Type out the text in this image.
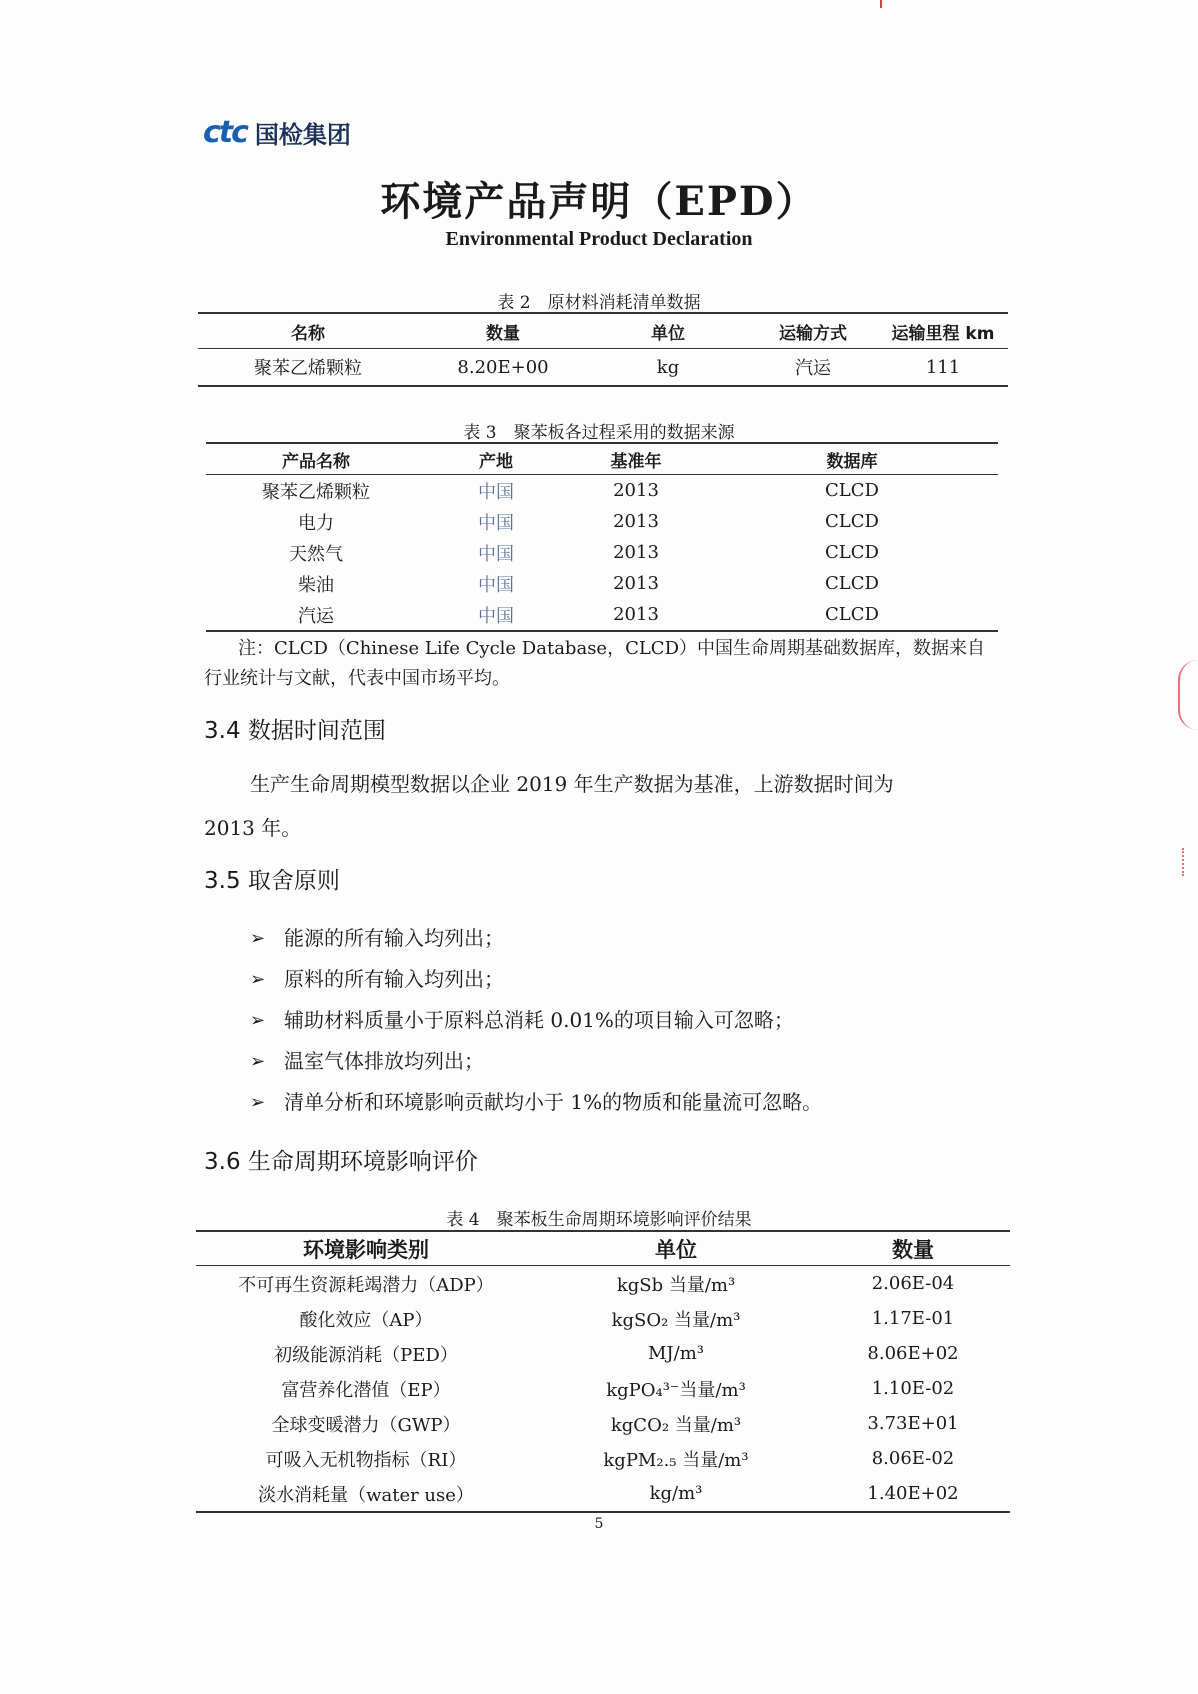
ctc 国检集团
环境产品声明（EPD）
Environmental Product Declaration
表 2　原材料消耗清单数据
名称	数量	单位	运输方式	运输里程 km
聚苯乙烯颗粒	8.20E+00	kg	汽运	111
表 3　聚苯板各过程采用的数据来源
产品名称	产地	基准年	数据库
聚苯乙烯颗粒	中国	2013	CLCD
电力	中国	2013	CLCD
天然气	中国	2013	CLCD
柴油	中国	2013	CLCD
汽运	中国	2013	CLCD
注：CLCD（Chinese Life Cycle Database，CLCD）中国生命周期基础数据库，数据来自
行业统计与文献，代表中国市场平均。
3.4 数据时间范围
生产生命周期模型数据以企业 2019 年生产数据为基准，上游数据时间为
2013 年。
3.5 取舍原则
➢ 能源的所有输入均列出；
➢ 原料的所有输入均列出；
➢ 辅助材料质量小于原料总消耗 0.01%的项目输入可忽略；
➢ 温室气体排放均列出；
➢ 清单分析和环境影响贡献均小于 1%的物质和能量流可忽略。
3.6 生命周期环境影响评价
表 4　聚苯板生命周期环境影响评价结果
环境影响类别	单位	数量
不可再生资源耗竭潜力（ADP）	kgSb 当量/m³	2.06E-04
酸化效应（AP）	kgSO₂ 当量/m³	1.17E-01
初级能源消耗（PED）	MJ/m³	8.06E+02
富营养化潜值（EP）	kgPO₄³⁻当量/m³	1.10E-02
全球变暖潜力（GWP）	kgCO₂ 当量/m³	3.73E+01
可吸入无机物指标（RI）	kgPM₂.₅ 当量/m³	8.06E-02
淡水消耗量（water use）	kg/m³	1.40E+02
5
